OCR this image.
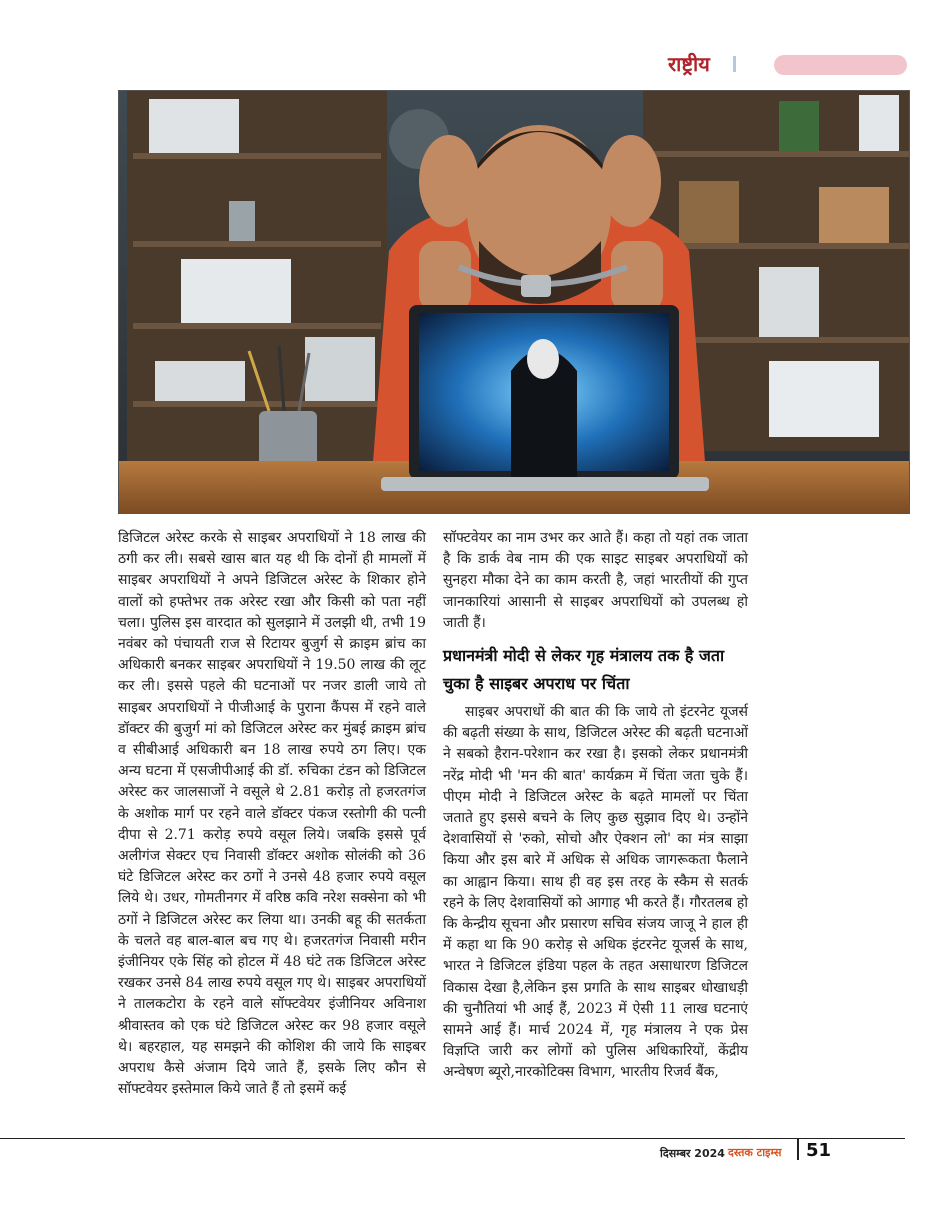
राष्ट्रीय

डिजिटल अरेस्ट करके से साइबर अपराधियों ने 18 लाख की ठगी कर ली। सबसे खास बात यह थी कि दोनों ही मामलों में साइबर अपराधियों ने अपने डिजिटल अरेस्ट के शिकार होने वालों को हफ्तेभर तक अरेस्ट रखा और किसी को पता नहीं चला। पुलिस इस वारदात को सुलझाने में उलझी थी, तभी 19 नवंबर को पंचायती राज से रिटायर बुजुर्ग से क्राइम ब्रांच का अधिकारी बनकर साइबर अपराधियों ने 19.50 लाख की लूट कर ली। इससे पहले की घटनाओं पर नजर डाली जाये तो साइबर अपराधियों ने पीजीआई के पुराना कैंपस में रहने वाले डॉक्टर की बुजुर्ग मां को डिजिटल अरेस्ट कर मुंबई क्राइम ब्रांच व सीबीआई अधिकारी बन 18 लाख रुपये ठग लिए। एक अन्य घटना में एसजीपीआई की डॉ. रुचिका टंडन को डिजिटल अरेस्ट कर जालसाजों ने वसूले थे 2.81 करोड़ तो हजरतगंज के अशोक मार्ग पर रहने वाले डॉक्टर पंकज रस्तोगी की पत्नी दीपा से 2.71 करोड़ रुपये वसूल लिये। जबकि इससे पूर्व अलीगंज सेक्टर एच निवासी डॉक्टर अशोक सोलंकी को 36 घंटे डिजिटल अरेस्ट कर ठगों ने उनसे 48 हजार रुपये वसूल लिये थे। उधर, गोमतीनगर में वरिष्ठ कवि नरेश सक्सेना को भी ठगों ने डिजिटल अरेस्ट कर लिया था। उनकी बहू की सतर्कता के चलते वह बाल-बाल बच गए थे। हजरतगंज निवासी मरीन इंजीनियर एके सिंह को होटल में 48 घंटे तक डिजिटल अरेस्ट रखकर उनसे 84 लाख रुपये वसूल गए थे। साइबर अपराधियों ने तालकटोरा के रहने वाले सॉफ्टवेयर इंजीनियर अविनाश श्रीवास्तव को एक घंटे डिजिटल अरेस्ट कर 98 हजार वसूले थे। बहरहाल, यह समझने की कोशिश की जाये कि साइबर अपराध कैसे अंजाम दिये जाते हैं, इसके लिए कौन से सॉफ्टवेयर इस्तेमाल किये जाते हैं तो इसमें कई

सॉफ्टवेयर का नाम उभर कर आते हैं। कहा तो यहां तक जाता है कि डार्क वेब नाम की एक साइट साइबर अपराधियों को सुनहरा मौका देने का काम करती है, जहां भारतीयों की गुप्त जानकारियां आसानी से साइबर अपराधियों को उपलब्ध हो जाती हैं।

प्रधानमंत्री मोदी से लेकर गृह मंत्रालय तक है जता चुका है साइबर अपराध पर चिंता

साइबर अपराधों की बात की कि जाये तो इंटरनेट यूजर्स की बढ़ती संख्या के साथ, डिजिटल अरेस्ट की बढ़ती घटनाओं ने सबको हैरान-परेशान कर रखा है। इसको लेकर प्रधानमंत्री नरेंद्र मोदी भी 'मन की बात' कार्यक्रम में चिंता जता चुके हैं। पीएम मोदी ने डिजिटल अरेस्ट के बढ़ते मामलों पर चिंता जताते हुए इससे बचने के लिए कुछ सुझाव दिए थे। उन्होंने देशवासियों से 'रुको, सोचो और ऐक्शन लो' का मंत्र साझा किया और इस बारे में अधिक से अधिक जागरूकता फैलाने का आह्वान किया। साथ ही वह इस तरह के स्कैम से सतर्क रहने के लिए देशवासियों को आगाह भी करते हैं। गौरतलब हो कि केन्द्रीय सूचना और प्रसारण सचिव संजय जाजू ने हाल ही में कहा था कि 90 करोड़ से अधिक इंटरनेट यूजर्स के साथ, भारत ने डिजिटल इंडिया पहल के तहत असाधारण डिजिटल विकास देखा है,लेकिन इस प्रगति के साथ साइबर धोखाधड़ी की चुनौतियां भी आई हैं, 2023 में ऐसी 11 लाख घटनाएं सामने आई हैं। मार्च 2024 में, गृह मंत्रालय ने एक प्रेस विज्ञप्ति जारी कर लोगों को पुलिस अधिकारियों, केंद्रीय अन्वेषण ब्यूरो,नारकोटिक्स विभाग, भारतीय रिजर्व बैंक,

दिसम्बर 2024 दस्तक टाइम्स 51
